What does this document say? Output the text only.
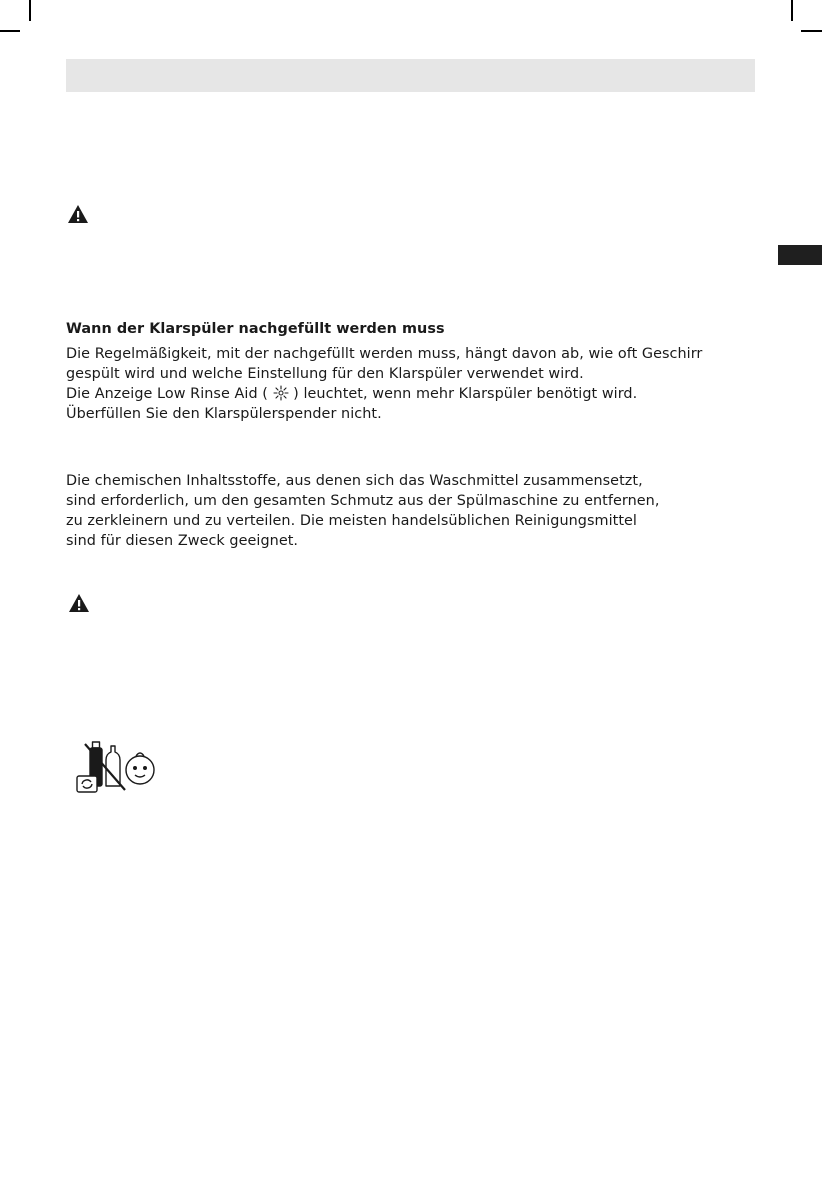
Wann der Klarspüler nachgefüllt werden muss
Die Regelmäßigkeit, mit der nachgefüllt werden muss, hängt davon ab, wie oft Geschirr
gespült wird und welche Einstellung für den Klarspüler verwendet wird.
Die Anzeige Low Rinse Aid (  ) leuchtet, wenn mehr Klarspüler benötigt wird.
Überfüllen Sie den Klarspülerspender nicht.
Die chemischen Inhaltsstoffe, aus denen sich das Waschmittel zusammensetzt,
sind erforderlich, um den gesamten Schmutz aus der Spülmaschine zu entfernen,
zu zerkleinern und zu verteilen. Die meisten handelsüblichen Reinigungsmittel
sind für diesen Zweck geeignet.
